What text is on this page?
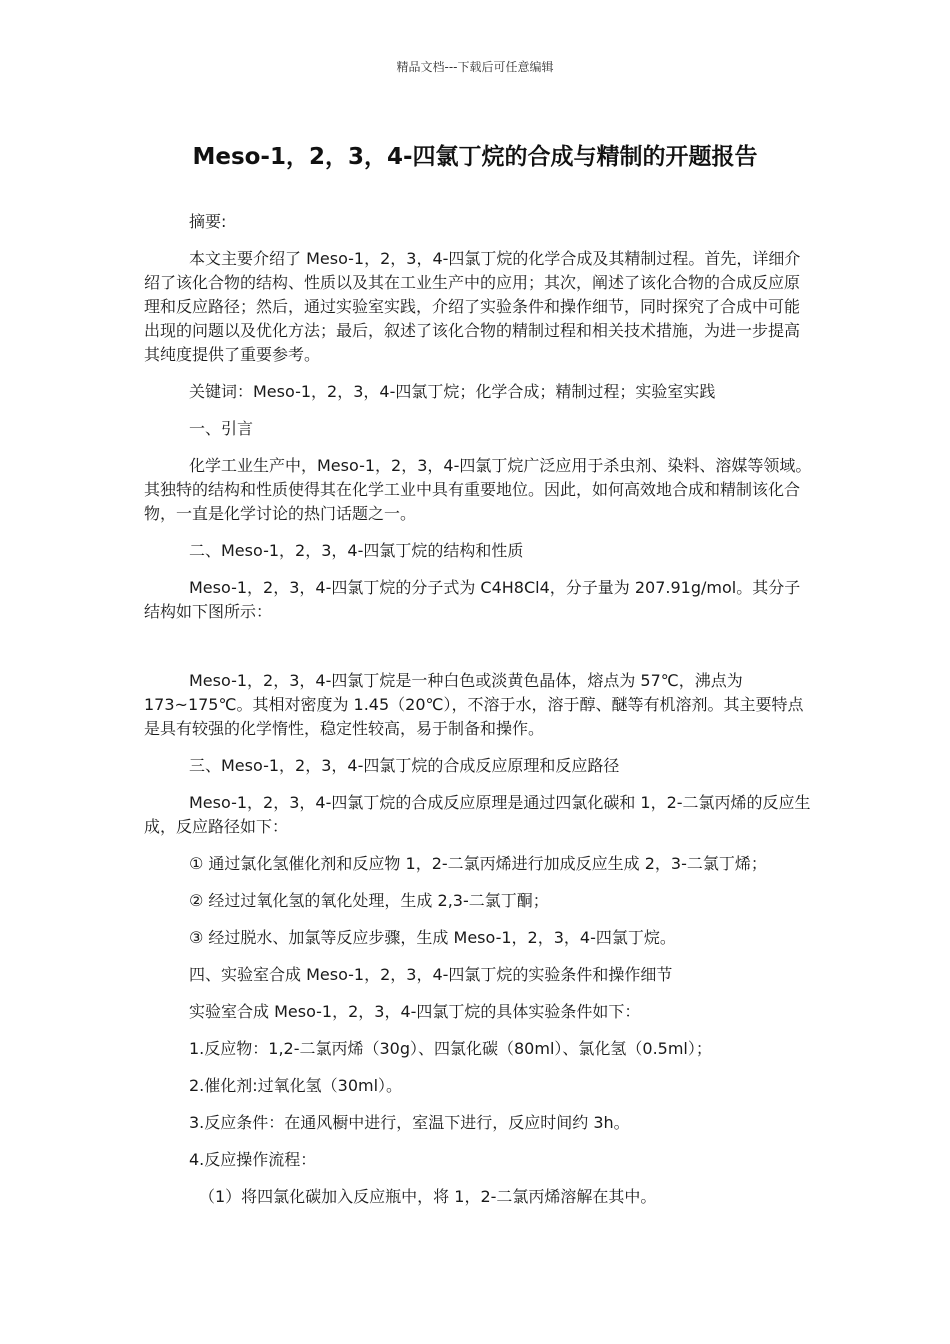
精品文档---下载后可任意编辑
Meso-1，2，3，4-四氯丁烷的合成与精制的开题报告

摘要:

本文主要介绍了 Meso-1，2，3，4-四氯丁烷的化学合成及其精制过程。首先，详细介绍了该化合物的结构、性质以及其在工业生产中的应用；其次，阐述了该化合物的合成反应原理和反应路径；然后，通过实验室实践，介绍了实验条件和操作细节，同时探究了合成中可能出现的问题以及优化方法；最后，叙述了该化合物的精制过程和相关技术措施，为进一步提高其纯度提供了重要参考。

关键词：Meso-1，2，3，4-四氯丁烷；化学合成；精制过程；实验室实践

一、引言

化学工业生产中，Meso-1，2，3，4-四氯丁烷广泛应用于杀虫剂、染料、溶媒等领域。其独特的结构和性质使得其在化学工业中具有重要地位。因此，如何高效地合成和精制该化合物，一直是化学讨论的热门话题之一。

二、Meso-1，2，3，4-四氯丁烷的结构和性质

Meso-1，2，3，4-四氯丁烷的分子式为 C4H8Cl4，分子量为 207.91g/mol。其分子结构如下图所示：

Meso-1，2，3，4-四氯丁烷是一种白色或淡黄色晶体，熔点为 57℃，沸点为173~175℃。其相对密度为 1.45（20℃），不溶于水，溶于醇、醚等有机溶剂。其主要特点是具有较强的化学惰性，稳定性较高，易于制备和操作。

三、Meso-1，2，3，4-四氯丁烷的合成反应原理和反应路径

Meso-1，2，3，4-四氯丁烷的合成反应原理是通过四氯化碳和 1，2-二氯丙烯的反应生成，反应路径如下：

① 通过氯化氢催化剂和反应物 1，2-二氯丙烯进行加成反应生成 2，3-二氯丁烯；

② 经过过氧化氢的氧化处理，生成 2,3-二氯丁酮；

③ 经过脱水、加氯等反应步骤，生成 Meso-1，2，3，4-四氯丁烷。

四、实验室合成 Meso-1，2，3，4-四氯丁烷的实验条件和操作细节

实验室合成 Meso-1，2，3，4-四氯丁烷的具体实验条件如下：

1.反应物：1,2-二氯丙烯（30g）、四氯化碳（80ml）、氯化氢（0.5ml）；

2.催化剂:过氧化氢（30ml）。

3.反应条件：在通风橱中进行，室温下进行，反应时间约 3h。

4.反应操作流程：

（1）将四氯化碳加入反应瓶中，将 1，2-二氯丙烯溶解在其中。
